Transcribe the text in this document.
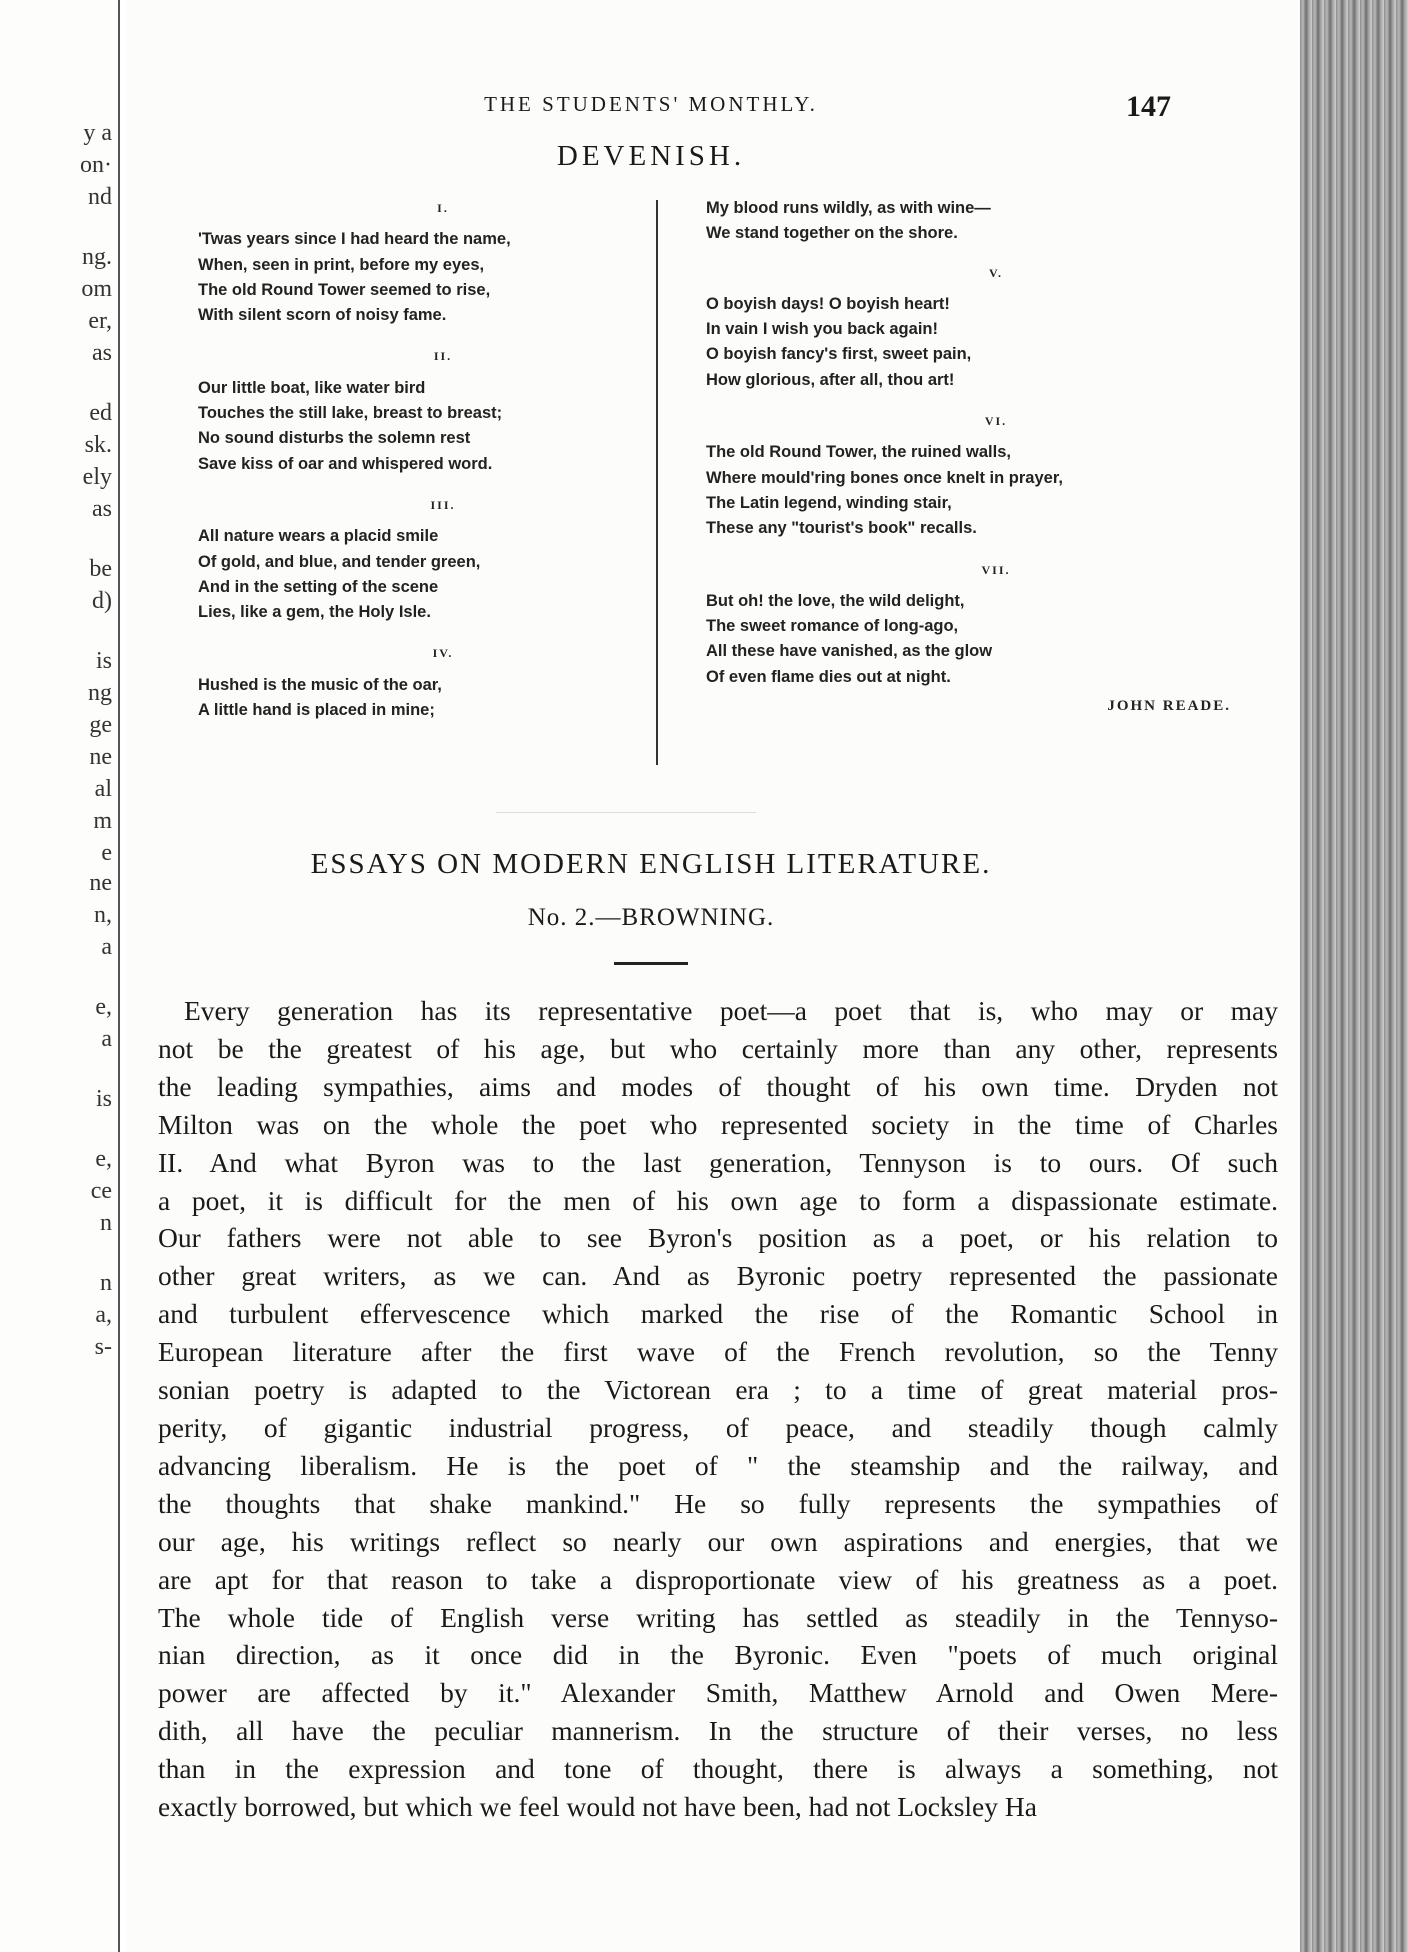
y a
on·
nd
ng.
om
er,
as
ed
sk.
ely
as
be
d)
is
ng
ge
ne
al
m
e
ne
n,
a
e,
a
is
e,
ce
n
n
a,
s-
THE STUDENTS' MONTHLY.	147
DEVENISH.
I.
'Twas years since I had heard the name,
When, seen in print, before my eyes,
The old Round Tower seemed to rise,
With silent scorn of noisy fame.
II.
Our little boat, like water bird
Touches the still lake, breast to breast;
No sound disturbs the solemn rest
Save kiss of oar and whispered word.
III.
All nature wears a placid smile
Of gold, and blue, and tender green,
And in the setting of the scene
Lies, like a gem, the Holy Isle.
IV.
Hushed is the music of the oar,
A little hand is placed in mine;
My blood runs wildly, as with wine—
We stand together on the shore.
V.
O boyish days! O boyish heart!
In vain I wish you back again!
O boyish fancy's first, sweet pain,
How glorious, after all, thou art!
VI.
The old Round Tower, the ruined walls,
Where mould'ring bones once knelt in prayer,
The Latin legend, winding stair,
These any "tourist's book" recalls.
VII.
But oh! the love, the wild delight,
The sweet romance of long-ago,
All these have vanished, as the glow
Of even flame dies out at night.
JOHN READE.
ESSAYS ON MODERN ENGLISH LITERATURE.
No. 2.—BROWNING.
Every generation has its representative poet—a poet that is, who may or may
not be the greatest of his age, but who certainly more than any other, represents
the leading sympathies, aims and modes of thought of his own time. Dryden not
Milton was on the whole the poet who represented society in the time of Charles
II. And what Byron was to the last generation, Tennyson is to ours. Of such
a poet, it is difficult for the men of his own age to form a dispassionate estimate.
Our fathers were not able to see Byron's position as a poet, or his relation to
other great writers, as we can. And as Byronic poetry represented the passionate
and turbulent effervescence which marked the rise of the Romantic School in
European literature after the first wave of the French revolution, so the Tenny
sonian poetry is adapted to the Victorean era ; to a time of great material pros-
perity, of gigantic industrial progress, of peace, and steadily though calmly
advancing liberalism. He is the poet of " the steamship and the railway, and
the thoughts that shake mankind." He so fully represents the sympathies of
our age, his writings reflect so nearly our own aspirations and energies, that we
are apt for that reason to take a disproportionate view of his greatness as a poet.
The whole tide of English verse writing has settled as steadily in the Tennyso-
nian direction, as it once did in the Byronic. Even "poets of much original
power are affected by it." Alexander Smith, Matthew Arnold and Owen Mere-
dith, all have the peculiar mannerism. In the structure of their verses, no less
than in the expression and tone of thought, there is always a something, not
exactly borrowed, but which we feel would not have been, had not Locksley Ha
